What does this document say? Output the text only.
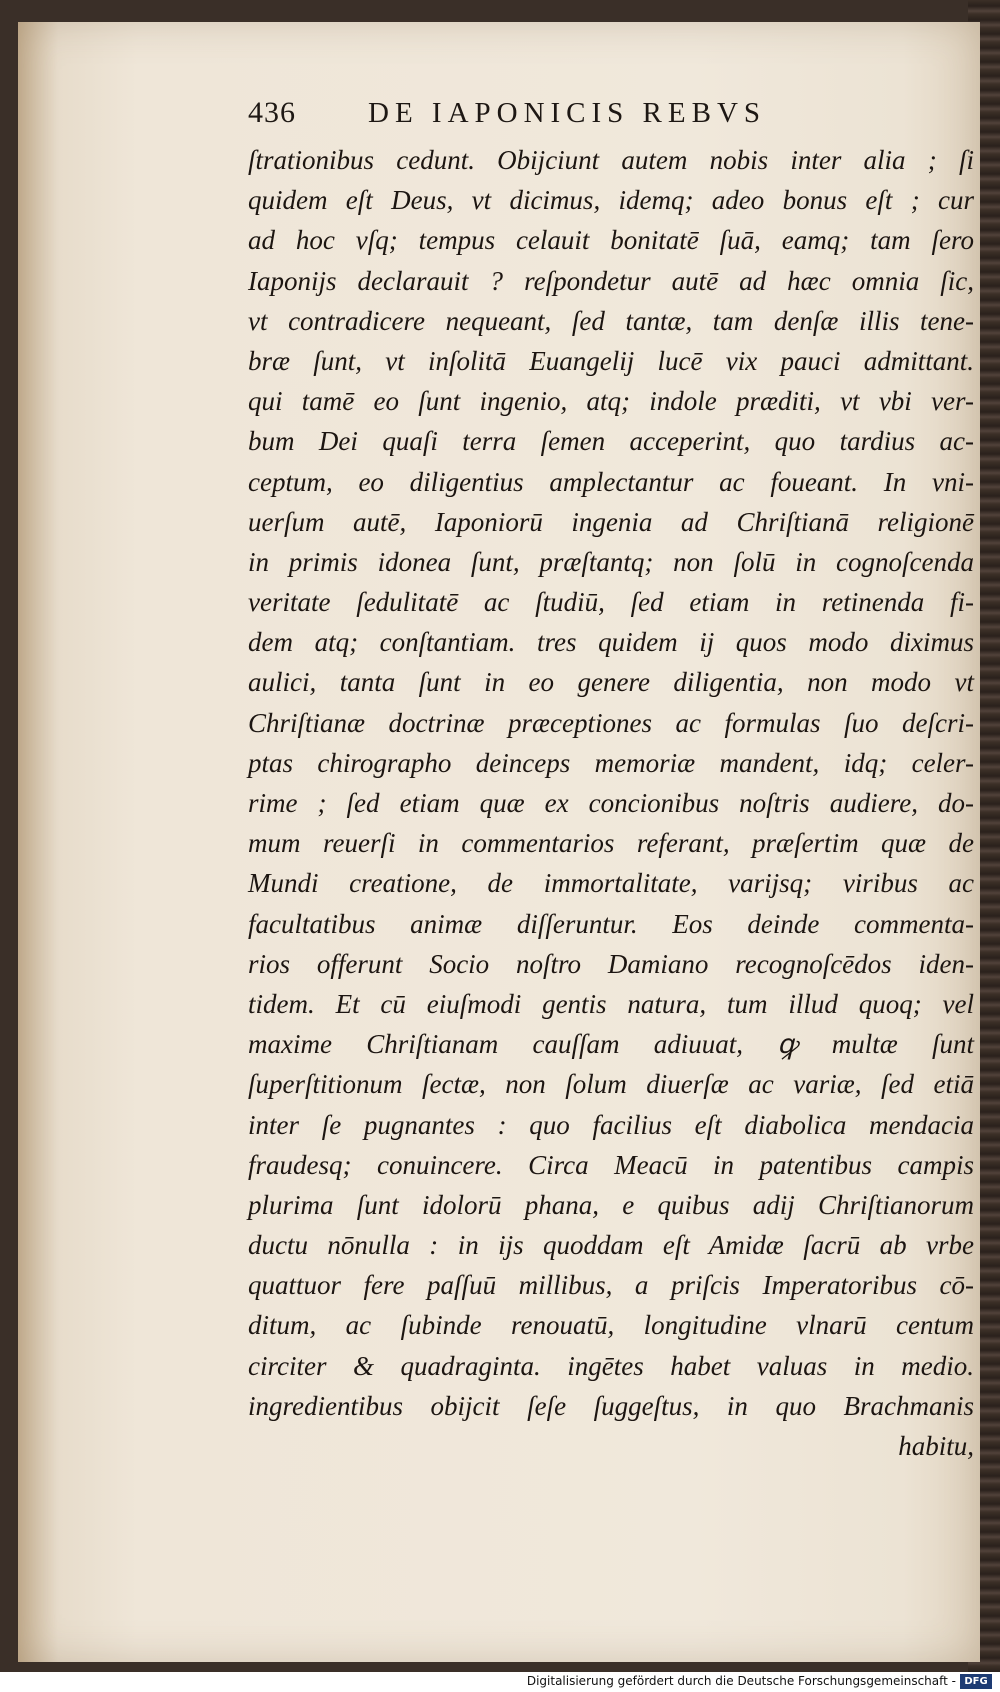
436	DE IAPONICIS REBVS
ſtrationibus cedunt. Obijciunt autem nobis inter alia ; ſi
quidem eſt Deus, vt dicimus, idemq; adeo bonus eſt ; cur
ad hoc vſq; tempus celauit bonitatē ſuā, eamq; tam ſero
Iaponijs declarauit ? reſpondetur autē ad hæc omnia ſic,
vt contradicere nequeant, ſed tantæ, tam denſæ illis tene-
bræ ſunt, vt inſolitā Euangelij lucē vix pauci admittant.
qui tamē eo ſunt ingenio, atq; indole præditi, vt vbi ver-
bum Dei quaſi terra ſemen acceperint, quo tardius ac-
ceptum, eo diligentius amplectantur ac foueant. In vni-
uerſum autē, Iaponiorū ingenia ad Chriſtianā religionē
in primis idonea ſunt, præſtantq; non ſolū in cognoſcenda
veritate ſedulitatē ac ſtudiū, ſed etiam in retinenda fi-
dem atq; conſtantiam. tres quidem ij quos modo diximus
aulici, tanta ſunt in eo genere diligentia, non modo vt
Chriſtianæ doctrinæ præceptiones ac formulas ſuo deſcri-
ptas chirographo deinceps memoriæ mandent, idq; celer-
rime ; ſed etiam quæ ex concionibus noſtris audiere, do-
mum reuerſi in commentarios referant, præſertim quæ de
Mundi creatione, de immortalitate, varijsq; viribus ac
facultatibus animæ diſſeruntur. Eos deinde commenta-
rios offerunt Socio noſtro Damiano recognoſcēdos iden-
tidem. Et cū eiuſmodi gentis natura, tum illud quoq; vel
maxime Chriſtianam cauſſam adiuuat, ꝙ multæ ſunt
ſuperſtitionum ſectæ, non ſolum diuerſæ ac variæ, ſed etiā
inter ſe pugnantes : quo facilius eſt diabolica mendacia
fraudesq; conuincere. Circa Meacū in patentibus campis
plurima ſunt idolorū phana, e quibus adij Chriſtianorum
ductu nōnulla : in ijs quoddam eſt Amidæ ſacrū ab vrbe
quattuor fere paſſuū millibus, a priſcis Imperatoribus cō-
ditum, ac ſubinde renouatū, longitudine vlnarū centum
circiter & quadraginta. ingētes habet valuas in medio.
ingredientibus obijcit ſeſe ſuggeſtus, in quo Brachmanis
habitu,
Digitalisierung gefördert durch die Deutsche Forschungsgemeinschaft - DFG
